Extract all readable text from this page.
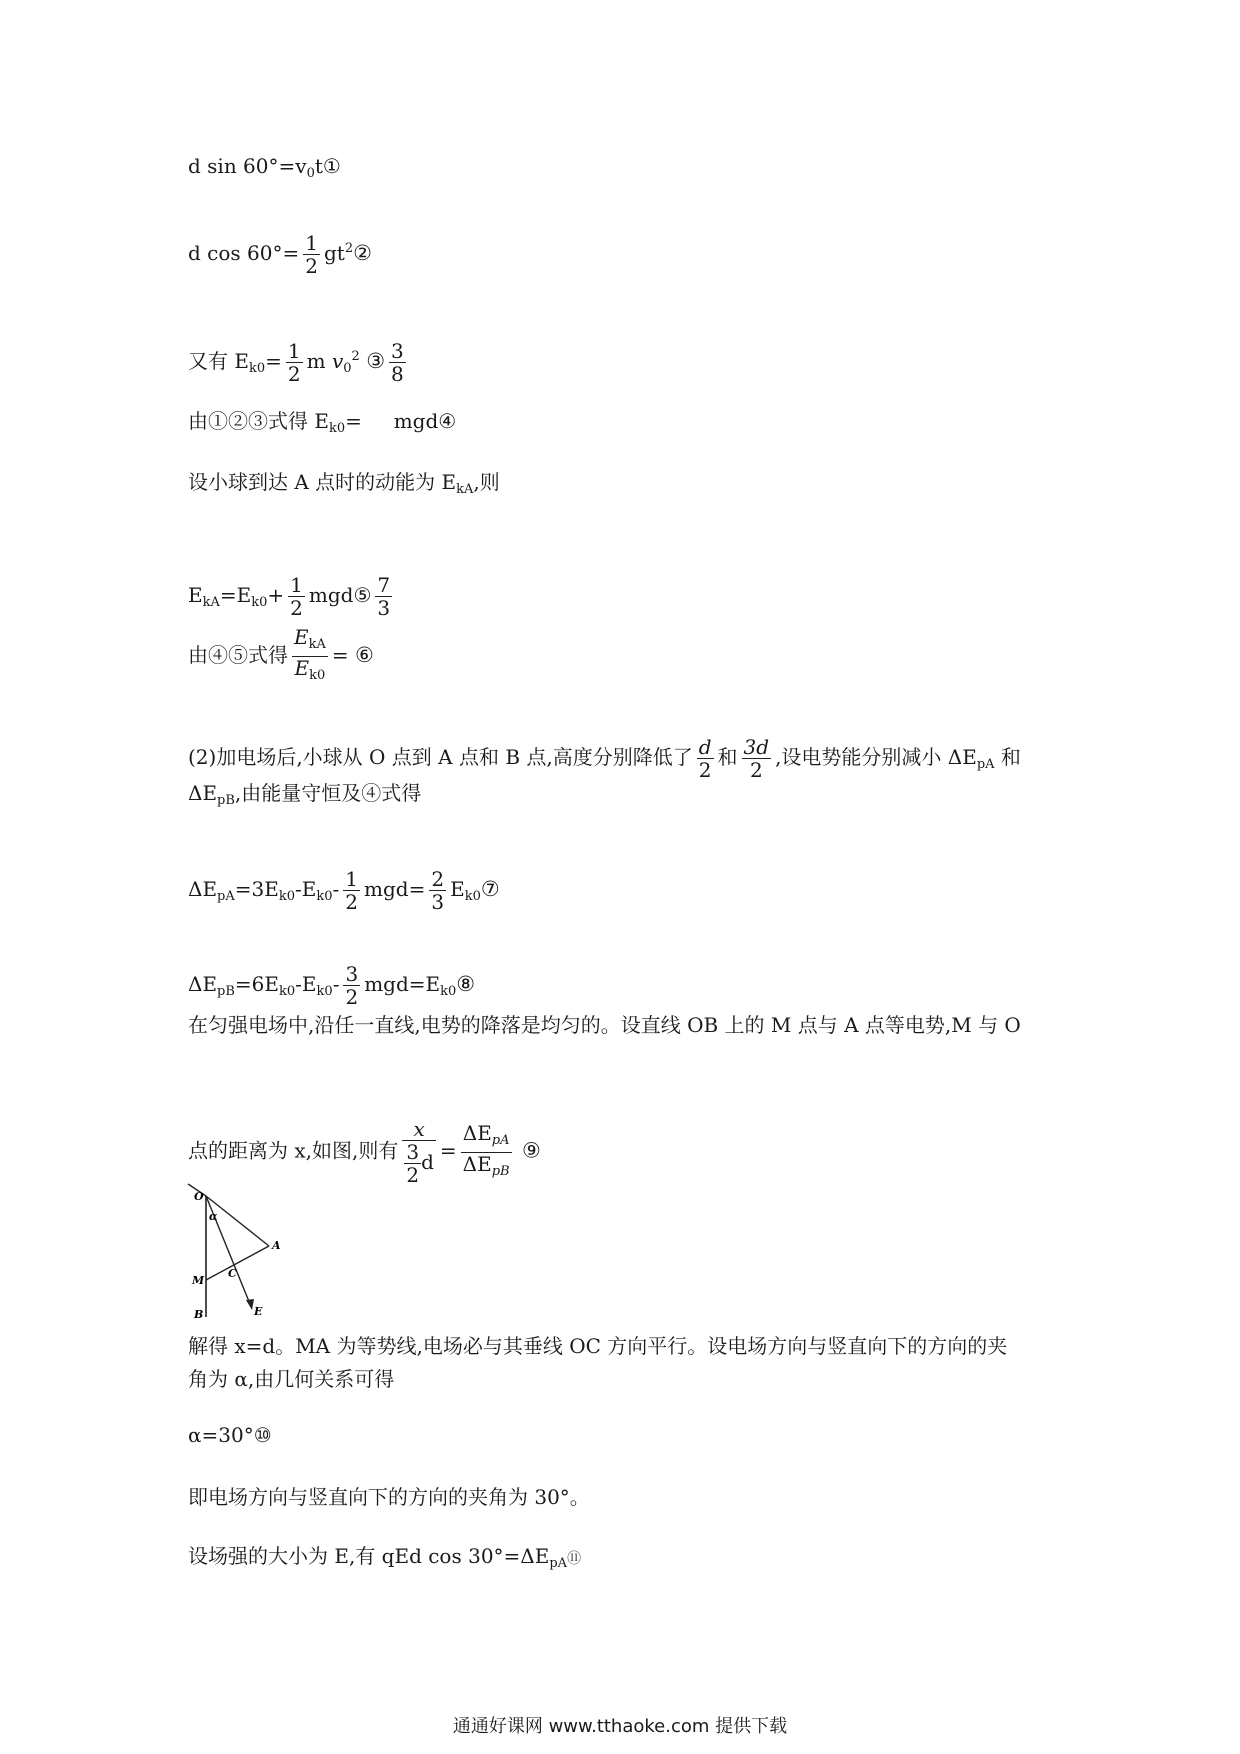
d $\sin 60^\circ=v_0t①$
d $\cos 60^\circ= \frac{1}{2}$ $gt^2②$
又有 $E_{k0}= \frac{1}{2}$ m $v_0^2$ ③ $\frac{3}{8}$
由①②③式得 $E_{k0}=$ mgd④
设小球到达 A 点时的动能为 $E_{kA}$,则
$E_{kA}=E_{k0}+ \frac{1}{2}$ mgd⑤ $\frac{7}{3}$
由④⑤式得 $\frac{E_{kA}}{E_{k0}}$ = ⑥
(2)加电场后,小球从 O 点到 A 点和 B 点,高度分别降低了 $\frac{d}{2}$ 和 $\frac{3d}{2}$ ,设电势能分别减小 $\Delta E_{pA}$ 和
$\Delta E_{pB}$,由能量守恒及④式得
$\Delta E_{pA}=3E_{k0}-E_{k0}- \frac{1}{2} mgd= \frac{2}{3}$ $E_{k0}⑦$
$\Delta E_{pB}=6E_{k0}-E_{k0}- \frac{3}{2}$ $mgd=E_{k0}⑧$
在匀强电场中,沿任一直线,电势的降落是均匀的。设直线 OB 上的 M 点与 A 点等电势,M 与 O
点的距离为 x,如图,则有 $\frac{x}{\frac{3}{2} d} = \frac{\Delta E_{pA}}{\Delta E_{pB}}$ ⑨
O
α
A
M
C
E
B
解得 x=d。MA 为等势线,电场必与其垂线 OC 方向平行。设电场方向与竖直向下的方向的夹
角为 α,由几何关系可得
α=30°⑩
即电场方向与竖直向下的方向的夹角为 30°。
设场强的大小为 E,有 qEd $\cos 30^\circ=\Delta E_{pA}⑪$
通通好课网 www.tthaoke.com 提供下载
